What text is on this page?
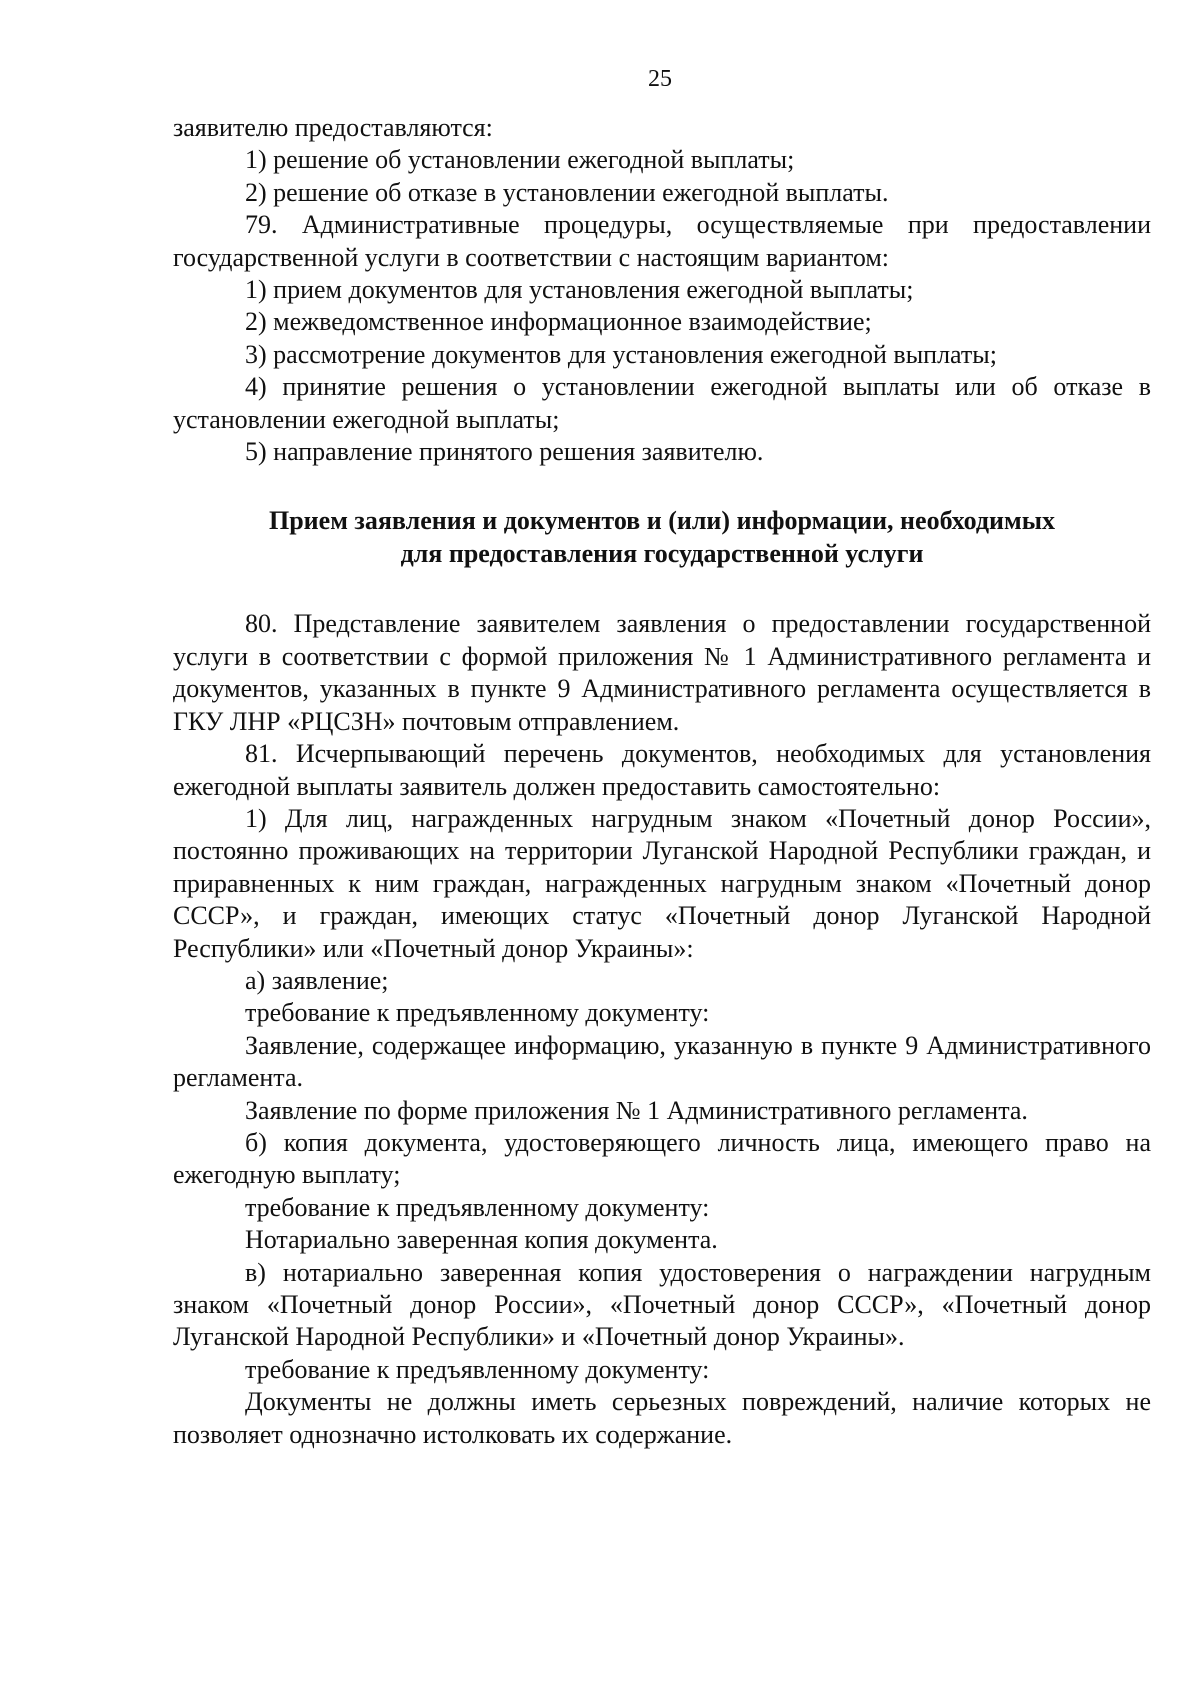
25

заявителю предоставляются:

1) решение об установлении ежегодной выплаты;

2) решение об отказе в установлении ежегодной выплаты.

79. Административные процедуры, осуществляемые при предоставлении государственной услуги в соответствии с настоящим вариантом:

1) прием документов для установления ежегодной выплаты;

2) межведомственное информационное взаимодействие;

3) рассмотрение документов для установления ежегодной выплаты;

4) принятие решения о установлении ежегодной выплаты или об отказе в установлении ежегодной выплаты;

5) направление принятого решения заявителю.

Прием заявления и документов и (или) информации, необходимых
для предоставления государственной услуги

80. Представление заявителем заявления о предоставлении государственной услуги в соответствии с формой приложения № 1 Административного регламента и документов, указанных в пункте 9 Административного регламента осуществляется в ГКУ ЛНР «РЦСЗН» почтовым отправлением.

81. Исчерпывающий перечень документов, необходимых для установления ежегодной выплаты заявитель должен предоставить самостоятельно:

1) Для лиц, награжденных нагрудным знаком «Почетный донор России», постоянно проживающих на территории Луганской Народной Республики граждан, и приравненных к ним граждан, награжденных нагрудным знаком «Почетный донор СССР», и граждан, имеющих статус «Почетный донор Луганской Народной Республики» или «Почетный донор Украины»:

а) заявление;

требование к предъявленному документу:

Заявление, содержащее информацию, указанную в пункте 9 Административного регламента.

Заявление по форме приложения № 1 Административного регламента.

б) копия документа, удостоверяющего личность лица, имеющего право на ежегодную выплату;

требование к предъявленному документу:

Нотариально заверенная копия документа.

в) нотариально заверенная копия удостоверения о награждении нагрудным знаком «Почетный донор России», «Почетный донор СССР», «Почетный донор Луганской Народной Республики» и «Почетный донор Украины».

требование к предъявленному документу:

Документы не должны иметь серьезных повреждений, наличие которых не позволяет однозначно истолковать их содержание.
